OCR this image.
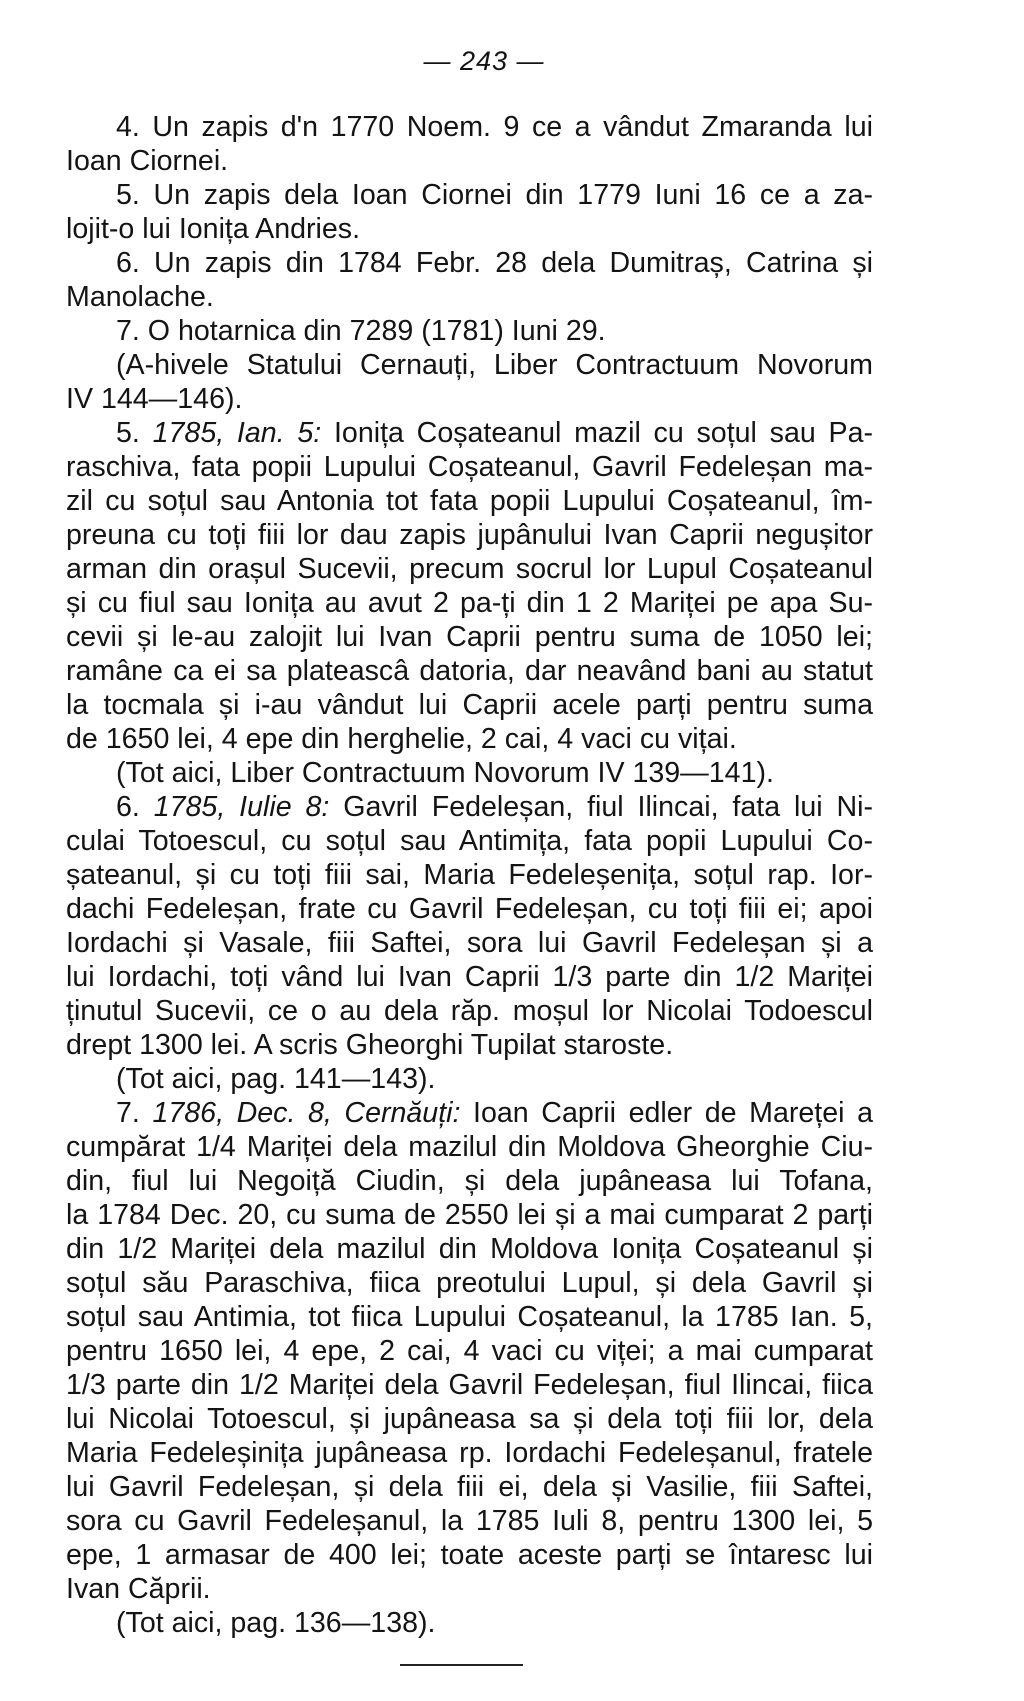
— 243 —
4. Un zapis d'n 1770 Noem. 9 ce a vândut Zmaranda lui
Ioan Ciornei.
5. Un zapis dela Ioan Ciornei din 1779 Iuni 16 ce a za-
lojit-o lui Ionița Andries.
6. Un zapis din 1784 Febr. 28 dela Dumitraș, Catrina și
Manolache.
7. O hotarnica din 7289 (1781) Iuni 29.
(A-hivele Statului Cernauți, Liber Contractuum Novorum
IV 144—146).
5. 1785, Ian. 5: Ionița Coșateanul mazil cu soțul sau Pa-
raschiva, fata popii Lupului Coșateanul, Gavril Fedeleșan ma-
zil cu soțul sau Antonia tot fata popii Lupului Coșateanul, îm-
preuna cu toți fiii lor dau zapis jupânului Ivan Caprii negușitor
arman din orașul Sucevii, precum socrul lor Lupul Coșateanul
și cu fiul sau Ionița au avut 2 pa-ți din 1 2 Mariței pe apa Su-
cevii și le-au zalojit lui Ivan Caprii pentru suma de 1050 lei;
ramâne ca ei sa plateascâ datoria, dar neavând bani au statut
la tocmala și i-au vândut lui Caprii acele parți pentru suma
de 1650 lei, 4 epe din herghelie, 2 cai, 4 vaci cu vițai.
(Tot aici, Liber Contractuum Novorum IV 139—141).
6. 1785, Iulie 8: Gavril Fedeleșan, fiul Ilincai, fata lui Ni-
culai Totoescul, cu soțul sau Antimița, fata popii Lupului Co-
șateanul, și cu toți fiii sai, Maria Fedeleșenița, soțul rap. Ior-
dachi Fedeleșan, frate cu Gavril Fedeleșan, cu toți fiii ei; apoi
Iordachi și Vasale, fiii Saftei, sora lui Gavril Fedeleșan și a
lui Iordachi, toți vând lui Ivan Caprii 1/3 parte din 1/2 Mariței
ținutul Sucevii, ce o au dela răp. moșul lor Nicolai Todoescul
drept 1300 lei. A scris Gheorghi Tupilat staroste.
(Tot aici, pag. 141—143).
7. 1786, Dec. 8, Cernăuți: Ioan Caprii edler de Mareței a
cumpărat 1/4 Mariței dela mazilul din Moldova Gheorghie Ciu-
din, fiul lui Negoiță Ciudin, și dela jupâneasa lui Tofana,
la 1784 Dec. 20, cu suma de 2550 lei și a mai cumparat 2 parți
din 1/2 Mariței dela mazilul din Moldova Ionița Coșateanul și
soțul său Paraschiva, fiica preotului Lupul, și dela Gavril și
soțul sau Antimia, tot fiica Lupului Coșateanul, la 1785 Ian. 5,
pentru 1650 lei, 4 epe, 2 cai, 4 vaci cu viței; a mai cumparat
1/3 parte din 1/2 Mariței dela Gavril Fedeleșan, fiul Ilincai, fiica
lui Nicolai Totoescul, și jupâneasa sa și dela toți fiii lor, dela
Maria Fedeleșinița jupâneasa rp. Iordachi Fedeleșanul, fratele
lui Gavril Fedeleșan, și dela fiii ei, dela și Vasilie, fiii Saftei,
sora cu Gavril Fedeleșanul, la 1785 Iuli 8, pentru 1300 lei, 5
epe, 1 armasar de 400 lei; toate aceste parți se întaresc lui
Ivan Căprii.
(Tot aici, pag. 136—138).
